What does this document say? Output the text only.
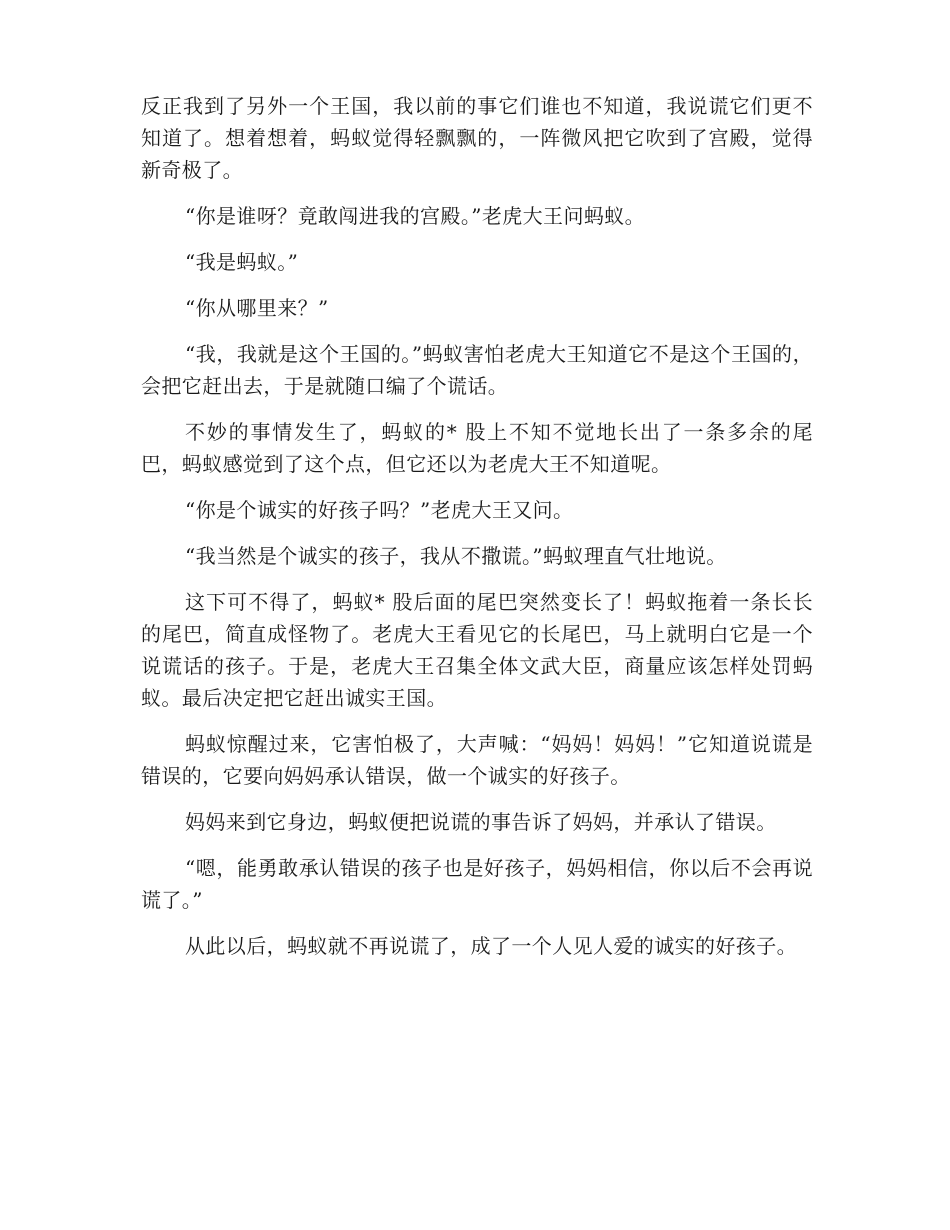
反正我到了另外一个王国，我以前的事它们谁也不知道，我说谎它们更不知道了。想着想着，蚂蚁觉得轻飘飘的，一阵微风把它吹到了宫殿，觉得新奇极了。

“你是谁呀？竟敢闯进我的宫殿。”老虎大王问蚂蚁。

“我是蚂蚁。”

“你从哪里来？”

“我，我就是这个王国的。”蚂蚁害怕老虎大王知道它不是这个王国的，会把它赶出去，于是就随口编了个谎话。

不妙的事情发生了，蚂蚁的* 股上不知不觉地长出了一条多余的尾巴，蚂蚁感觉到了这个点，但它还以为老虎大王不知道呢。

“你是个诚实的好孩子吗？”老虎大王又问。

“我当然是个诚实的孩子，我从不撒谎。”蚂蚁理直气壮地说。

这下可不得了，蚂蚁* 股后面的尾巴突然变长了！蚂蚁拖着一条长长的尾巴，简直成怪物了。老虎大王看见它的长尾巴，马上就明白它是一个说谎话的孩子。于是，老虎大王召集全体文武大臣，商量应该怎样处罚蚂蚁。最后决定把它赶出诚实王国。

蚂蚁惊醒过来，它害怕极了，大声喊：“妈妈！妈妈！”它知道说谎是错误的，它要向妈妈承认错误，做一个诚实的好孩子。

妈妈来到它身边，蚂蚁便把说谎的事告诉了妈妈，并承认了错误。

“嗯，能勇敢承认错误的孩子也是好孩子，妈妈相信，你以后不会再说谎了。”

从此以后，蚂蚁就不再说谎了，成了一个人见人爱的诚实的好孩子。
